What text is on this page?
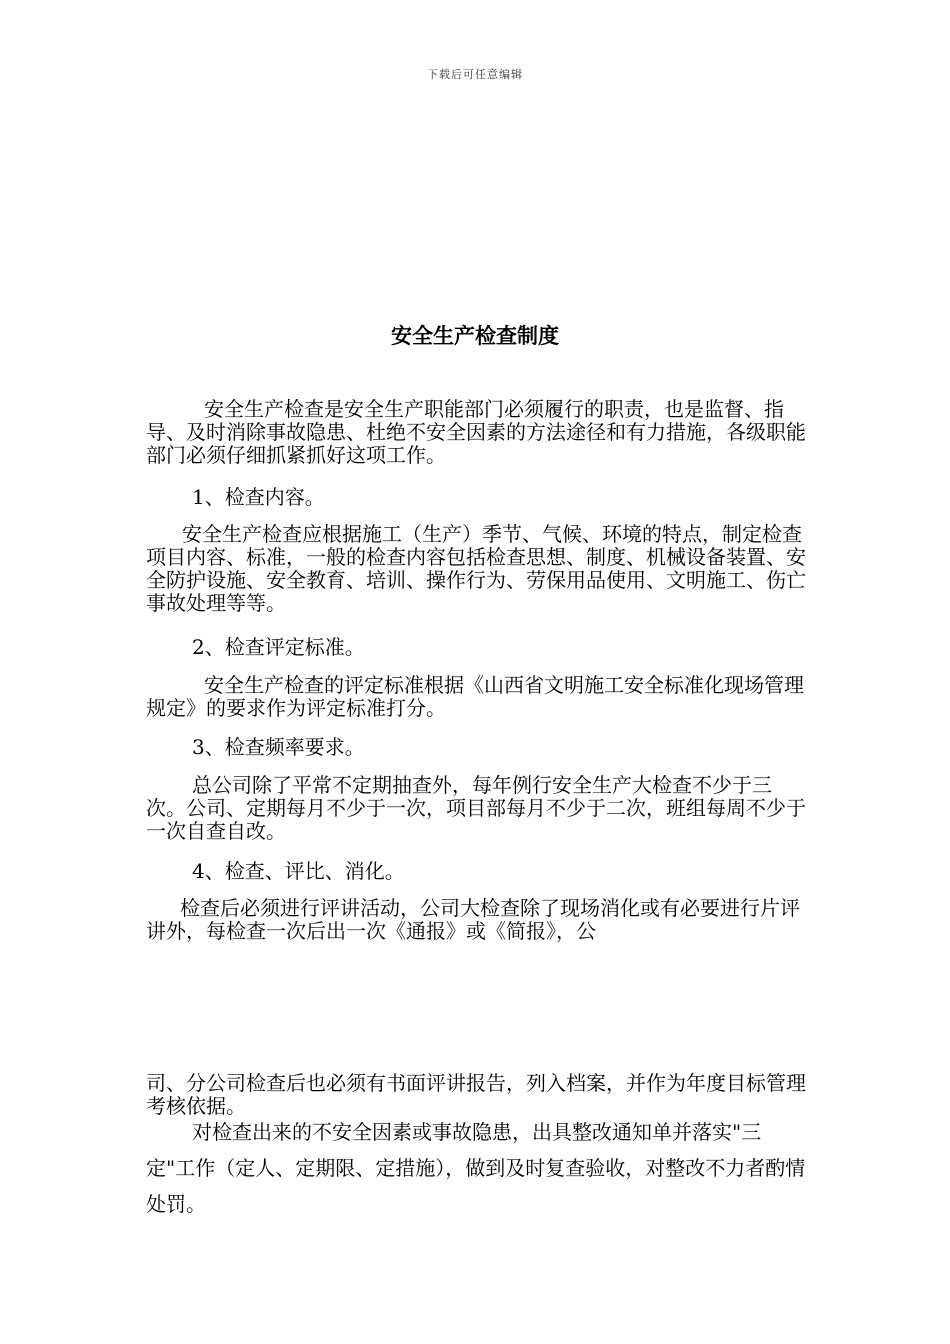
下载后可任意编辑
安全生产检查制度

安全生产检查是安全生产职能部门必须履行的职责，也是监督、指导、及时消除事故隐患、杜绝不安全因素的方法途径和有力措施，各级职能部门必须仔细抓紧抓好这项工作。

1、检查内容。

安全生产检查应根据施工（生产）季节、气候、环境的特点，制定检查项目内容、标准，一般的检查内容包括检查思想、制度、机械设备装置、安全防护设施、安全教育、培训、操作行为、劳保用品使用、文明施工、伤亡事故处理等等。

2、检查评定标准。

安全生产检查的评定标准根据《山西省文明施工安全标准化现场管理规定》的要求作为评定标准打分。

3、检查频率要求。

总公司除了平常不定期抽查外，每年例行安全生产大检查不少于三次。公司、定期每月不少于一次，项目部每月不少于二次，班组每周不少于一次自查自改。

4、检查、评比、消化。

检查后必须进行评讲活动，公司大检查除了现场消化或有必要进行片评讲外，每检查一次后出一次《通报》或《简报》，公

司、分公司检查后也必须有书面评讲报告，列入档案，并作为年度目标管理考核依据。

对检查出来的不安全因素或事故隐患，出具整改通知单并落实"三定"工作（定人、定期限、定措施），做到及时复查验收，对整改不力者酌情处罚。
